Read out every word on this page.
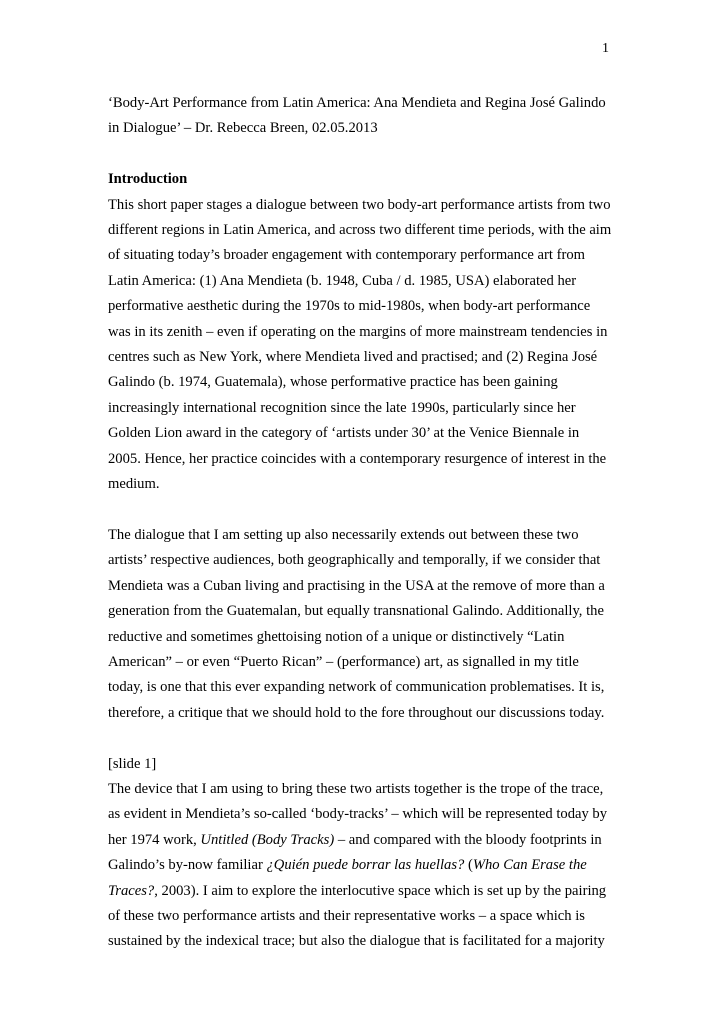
1

‘Body-Art Performance from Latin America: Ana Mendieta and Regina José Galindo in Dialogue’ – Dr. Rebecca Breen, 02.05.2013

Introduction

This short paper stages a dialogue between two body-art performance artists from two different regions in Latin America, and across two different time periods, with the aim of situating today’s broader engagement with contemporary performance art from Latin America: (1) Ana Mendieta (b. 1948, Cuba / d. 1985, USA) elaborated her performative aesthetic during the 1970s to mid-1980s, when body-art performance was in its zenith – even if operating on the margins of more mainstream tendencies in centres such as New York, where Mendieta lived and practised; and (2) Regina José Galindo (b. 1974, Guatemala), whose performative practice has been gaining increasingly international recognition since the late 1990s, particularly since her Golden Lion award in the category of ‘artists under 30’ at the Venice Biennale in 2005. Hence, her practice coincides with a contemporary resurgence of interest in the medium.

The dialogue that I am setting up also necessarily extends out between these two artists’ respective audiences, both geographically and temporally, if we consider that Mendieta was a Cuban living and practising in the USA at the remove of more than a generation from the Guatemalan, but equally transnational Galindo. Additionally, the reductive and sometimes ghettoising notion of a unique or distinctively “Latin American” – or even “Puerto Rican” – (performance) art, as signalled in my title today, is one that this ever expanding network of communication problematises. It is, therefore, a critique that we should hold to the fore throughout our discussions today.

[slide 1]

The device that I am using to bring these two artists together is the trope of the trace, as evident in Mendieta’s so-called ‘body-tracks’ – which will be represented today by her 1974 work, Untitled (Body Tracks) – and compared with the bloody footprints in Galindo’s by-now familiar ¿Quién puede borrar las huellas? (Who Can Erase the Traces?, 2003). I aim to explore the interlocutive space which is set up by the pairing of these two performance artists and their representative works – a space which is sustained by the indexical trace; but also the dialogue that is facilitated for a majority
